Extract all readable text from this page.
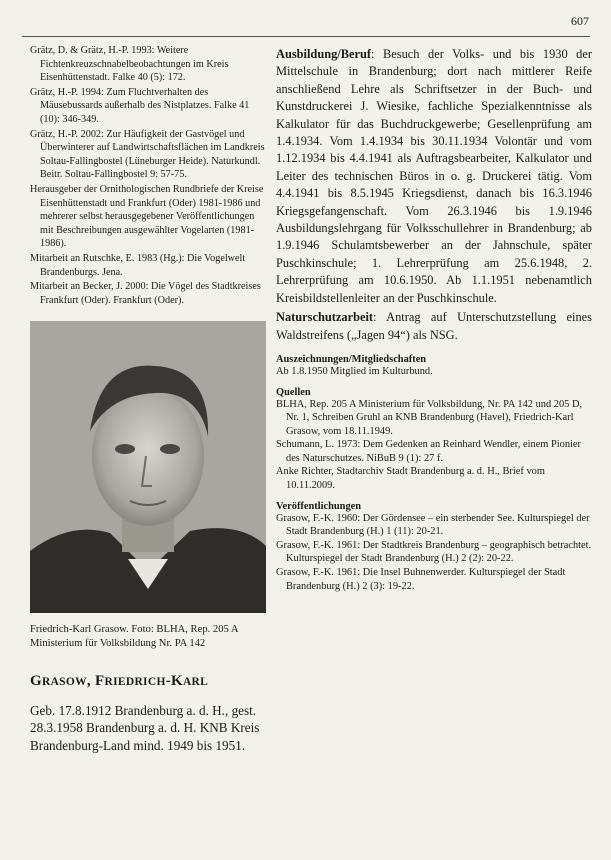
607

Grätz, D. & Grätz, H.-P. 1993: Weitere Fichtenkreuzschnabelbeobachtungen im Kreis Eisenhüttenstadt. Falke 40 (5): 172.

Grätz, H.-P. 1994: Zum Fluchtverhalten des Mäusebussards außerhalb des Nistplatzes. Falke 41 (10): 346-349.

Grätz, H.-P. 2002: Zur Häufigkeit der Gastvögel und Überwinterer auf Landwirtschaftsflächen im Landkreis Soltau-Fallingbostel (Lüneburger Heide). Naturkundl. Beitr. Soltau-Fallingbostel 9: 57-75.

Herausgeber der Ornithologischen Rundbriefe der Kreise Eisenhüttenstadt und Frankfurt (Oder) 1981-1986 und mehrerer selbst herausgegebener Veröffentlichungen mit Beschreibungen ausgewählter Vogelarten (1981-1986).

Mitarbeit an Rutschke, E. 1983 (Hg.): Die Vogelwelt Brandenburgs. Jena.

Mitarbeit an Becker, J. 2000: Die Vögel des Stadtkreises Frankfurt (Oder). Frankfurt (Oder).

Friedrich-Karl Grasow. Foto: BLHA, Rep. 205 A Ministerium für Volksbildung Nr. PA 142
GRASOW, FRIEDRICH-KARL
Geb. 17.8.1912 Brandenburg a. d. H., gest. 28.3.1958 Brandenburg a. d. H. KNB Kreis Brandenburg-Land mind. 1949 bis 1951.

Ausbildung/Beruf: Besuch der Volks- und bis 1930 der Mittelschule in Brandenburg; dort nach mittlerer Reife anschließend Lehre als Schriftsetzer in der Buch- und Kunstdruckerei J. Wiesike, fachliche Spezialkenntnisse als Kalkulator für das Buchdruckgewerbe; Gesellenprüfung am 1.4.1934. Vom 1.4.1934 bis 30.11.1934 Volontär und vom 1.12.1934 bis 4.4.1941 als Auftragsbearbeiter, Kalkulator und Leiter des technischen Büros in o. g. Druckerei tätig. Vom 4.4.1941 bis 8.5.1945 Kriegsdienst, danach bis 16.3.1946 Kriegsgefangenschaft. Vom 26.3.1946 bis 1.9.1946 Ausbildungslehrgang für Volksschullehrer in Brandenburg; ab 1.9.1946 Schulamtsbewerber an der Jahnschule, später Puschkinschule; 1. Lehrerprüfung am 25.6.1948, 2. Lehrerprüfung am 10.6.1950. Ab 1.1.1951 nebenamtlich Kreisbildstellenleiter an der Puschkinschule.

Naturschutzarbeit: Antrag auf Unterschutzstellung eines Waldstreifens („Jagen 94“) als NSG.

Auszeichnungen/Mitgliedschaften

Ab 1.8.1950 Mitglied im Kulturbund.

Quellen

BLHA, Rep. 205 A Ministerium für Volksbildung, Nr. PA 142 und 205 D, Nr. 1, Schreiben Gruhl an KNB Brandenburg (Havel), Friedrich-Karl Grasow, vom 18.11.1949.

Schumann, L. 1973: Dem Gedenken an Reinhard Wendler, einem Pionier des Naturschutzes. NiBuB 9 (1): 27 f.

Anke Richter, Stadtarchiv Stadt Brandenburg a. d. H., Brief vom 10.11.2009.

Veröffentlichungen

Grasow, F.-K. 1960: Der Gördensee – ein sterbender See. Kulturspiegel der Stadt Brandenburg (H.) 1 (11): 20-21.

Grasow, F.-K. 1961: Der Stadtkreis Brandenburg – geographisch betrachtet. Kulturspiegel der Stadt Brandenburg (H.) 2 (2): 20-22.

Grasow, F.-K. 1961: Die Insel Buhnenwerder. Kulturspiegel der Stadt Brandenburg (H.) 2 (3): 19-22.
